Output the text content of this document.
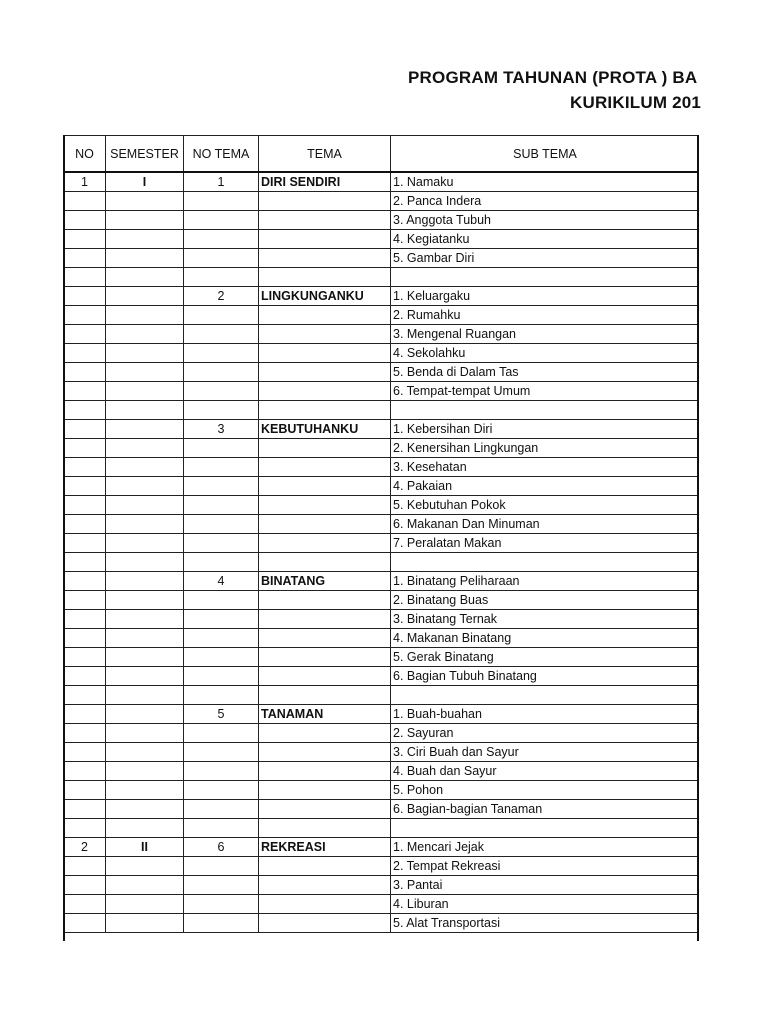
PROGRAM TAHUNAN (PROTA ) BA
KURIKILUM 201
NO	SEMESTER	NO TEMA	TEMA	SUB TEMA
1	I	1	DIRI SENDIRI	1. Namaku
				2. Panca Indera
				3. Anggota Tubuh
				4. Kegiatanku
				5. Gambar Diri

		2	LINGKUNGANKU	1. Keluargaku
				2. Rumahku
				3. Mengenal Ruangan
				4. Sekolahku
				5. Benda di Dalam Tas
				6. Tempat-tempat Umum

		3	KEBUTUHANKU	1. Kebersihan Diri
				2. Kenersihan Lingkungan
				3. Kesehatan
				4. Pakaian
				5. Kebutuhan Pokok
				6. Makanan Dan Minuman
				7. Peralatan Makan

		4	BINATANG	1. Binatang Peliharaan
				2. Binatang Buas
				3. Binatang Ternak
				4. Makanan Binatang
				5. Gerak Binatang
				6. Bagian Tubuh Binatang

		5	TANAMAN	1. Buah-buahan
				2. Sayuran
				3. Ciri Buah dan Sayur
				4. Buah dan Sayur
				5. Pohon
				6. Bagian-bagian Tanaman

2	II	6	REKREASI	1. Mencari Jejak
				2. Tempat Rekreasi
				3. Pantai
				4. Liburan
				5. Alat Transportasi
